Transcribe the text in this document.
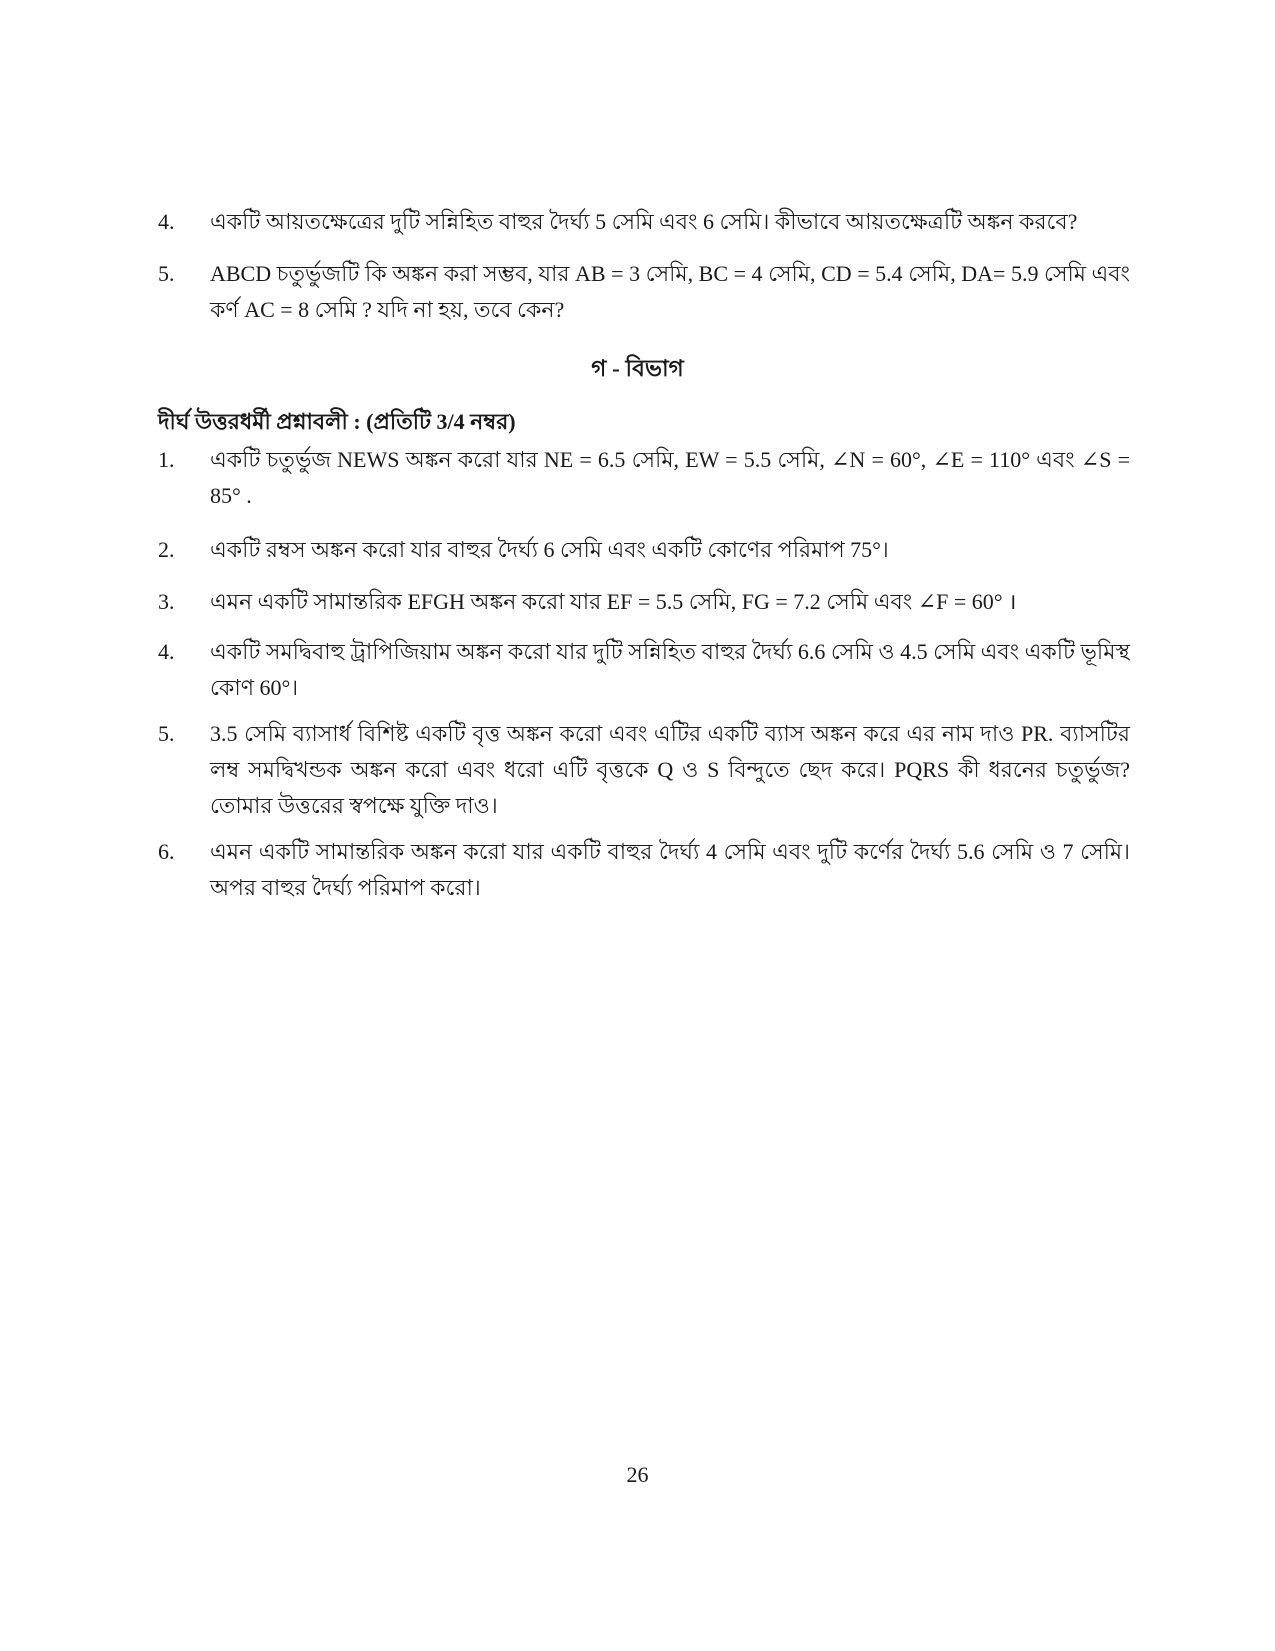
4.	একটি আয়তক্ষেত্রের দুটি সন্নিহিত বাহুর দৈর্ঘ্য 5 সেমি এবং 6 সেমি। কীভাবে আয়তক্ষেত্রটি অঙ্কন করবে?
5.	ABCD চতুর্ভুজটি কি অঙ্কন করা সম্ভব, যার AB = 3 সেমি, BC = 4 সেমি, CD = 5.4 সেমি, DA= 5.9 সেমি এবং কর্ণ AC = 8 সেমি ? যদি না হয়, তবে কেন?
গ - বিভাগ
দীর্ঘ উত্তরধর্মী প্রশ্নাবলী : (প্রতিটি 3/4 নম্বর)
1.	একটি চতুর্ভুজ NEWS অঙ্কন করো যার NE = 6.5 সেমি, EW = 5.5 সেমি, ∠N = 60°, ∠E = 110° এবং ∠S = 85° .
2.	একটি রম্বস অঙ্কন করো যার বাহুর দৈর্ঘ্য 6 সেমি এবং একটি কোণের পরিমাপ 75°।
3.	এমন একটি সামান্তরিক EFGH অঙ্কন করো যার EF = 5.5 সেমি, FG = 7.2 সেমি এবং ∠F = 60° ।
4.	একটি সমদ্বিবাহু ট্রাপিজিয়াম অঙ্কন করো যার দুটি সন্নিহিত বাহুর দৈর্ঘ্য 6.6 সেমি ও 4.5 সেমি এবং একটি ভূমিস্থ কোণ 60°।
5.	3.5 সেমি ব্যাসার্ধ বিশিষ্ট একটি বৃত্ত অঙ্কন করো এবং এটির একটি ব্যাস অঙ্কন করে এর নাম দাও PR. ব্যাসটির লম্ব সমদ্বিখন্ডক অঙ্কন করো এবং ধরো এটি বৃত্তকে Q ও S বিন্দুতে ছেদ করে। PQRS কী ধরনের চতুর্ভুজ? তোমার উত্তরের স্বপক্ষে যুক্তি দাও।
6.	এমন একটি সামান্তরিক অঙ্কন করো যার একটি বাহুর দৈর্ঘ্য 4 সেমি এবং দুটি কর্ণের দৈর্ঘ্য 5.6 সেমি ও 7 সেমি। অপর বাহুর দৈর্ঘ্য পরিমাপ করো।
26
